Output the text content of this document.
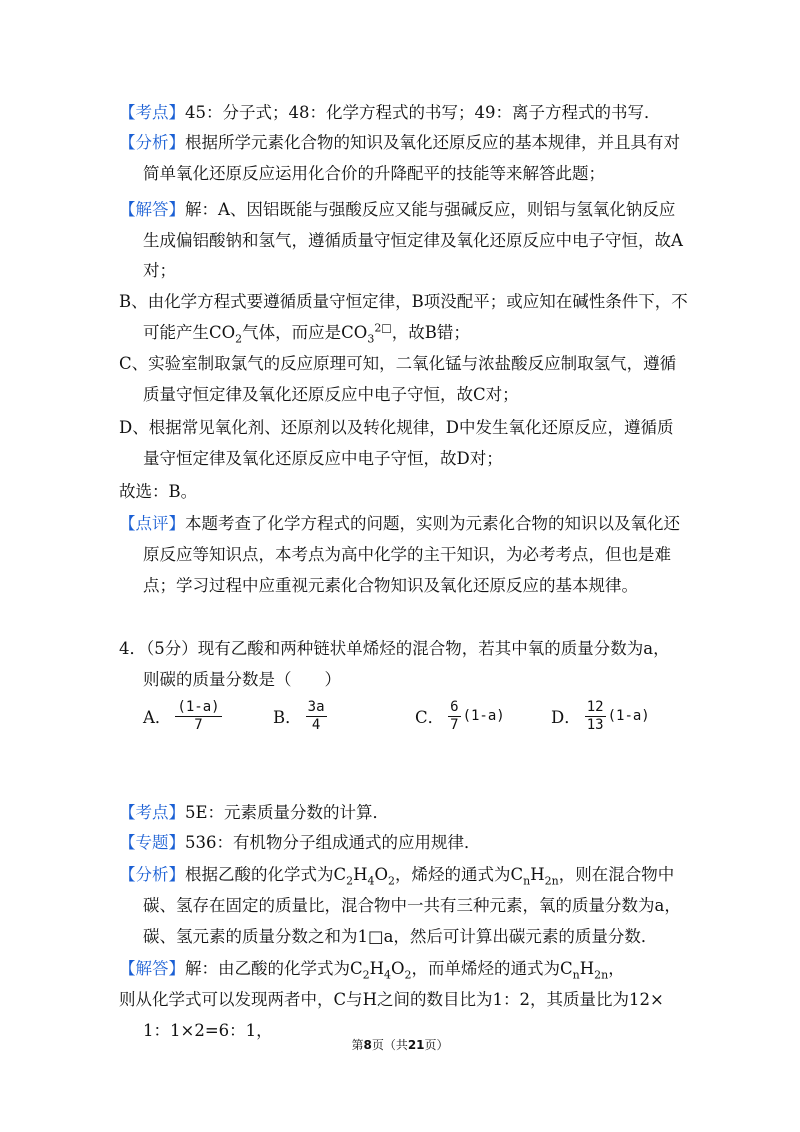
【考点】45：分子式；48：化学方程式的书写；49：离子方程式的书写．
【分析】根据所学元素化合物的知识及氧化还原反应的基本规律，并且具有对
简单氧化还原反应运用化合价的升降配平的技能等来解答此题；
【解答】解：A、因铝既能与强酸反应又能与强碱反应，则铝与氢氧化钠反应
生成偏铝酸钠和氢气，遵循质量守恒定律及氧化还原反应中电子守恒，故A
对；
B、由化学方程式要遵循质量守恒定律，B项没配平；或应知在碱性条件下，不
可能产生$CO_2$气体，而应是$CO_3^{2□}$，故B错；
C、实验室制取氯气的反应原理可知，二氧化锰与浓盐酸反应制取氢气，遵循
质量守恒定律及氧化还原反应中电子守恒，故C对；
D、根据常见氧化剂、还原剂以及转化规律，D中发生氧化还原反应，遵循质
量守恒定律及氧化还原反应中电子守恒，故D对；
故选：B。
【点评】本题考查了化学方程式的问题，实则为元素化合物的知识以及氧化还
原反应等知识点，本考点为高中化学的主干知识，为必考考点，但也是难
点；学习过程中应重视元素化合物知识及氧化还原反应的基本规律。
4．（5分）现有乙酸和两种链状单烯烃的混合物，若其中氧的质量分数为a，
则碳的质量分数是（　　）
A． $\frac{(1-a)}{7}$	B． $\frac{3a}{4}$	C． $\frac{6}{7} (1-a)$	D． $\frac{12}{13} (1-a)$
【考点】5E：元素质量分数的计算．
【专题】536：有机物分子组成通式的应用规律．
【分析】根据乙酸的化学式为$C_2H_4O_2$，烯烃的通式为$C_nH_{2n}$，则在混合物中
碳、氢存在固定的质量比，混合物中一共有三种元素，氧的质量分数为a，
碳、氢元素的质量分数之和为1□a，然后可计算出碳元素的质量分数．
【解答】解：由乙酸的化学式为$C_2H_4O_2$，而单烯烃的通式为$C_nH_{2n}$，
则从化学式可以发现两者中，C与H之间的数目比为1：2，其质量比为12×
1：1×2=6：1，
第8页（共21页）
